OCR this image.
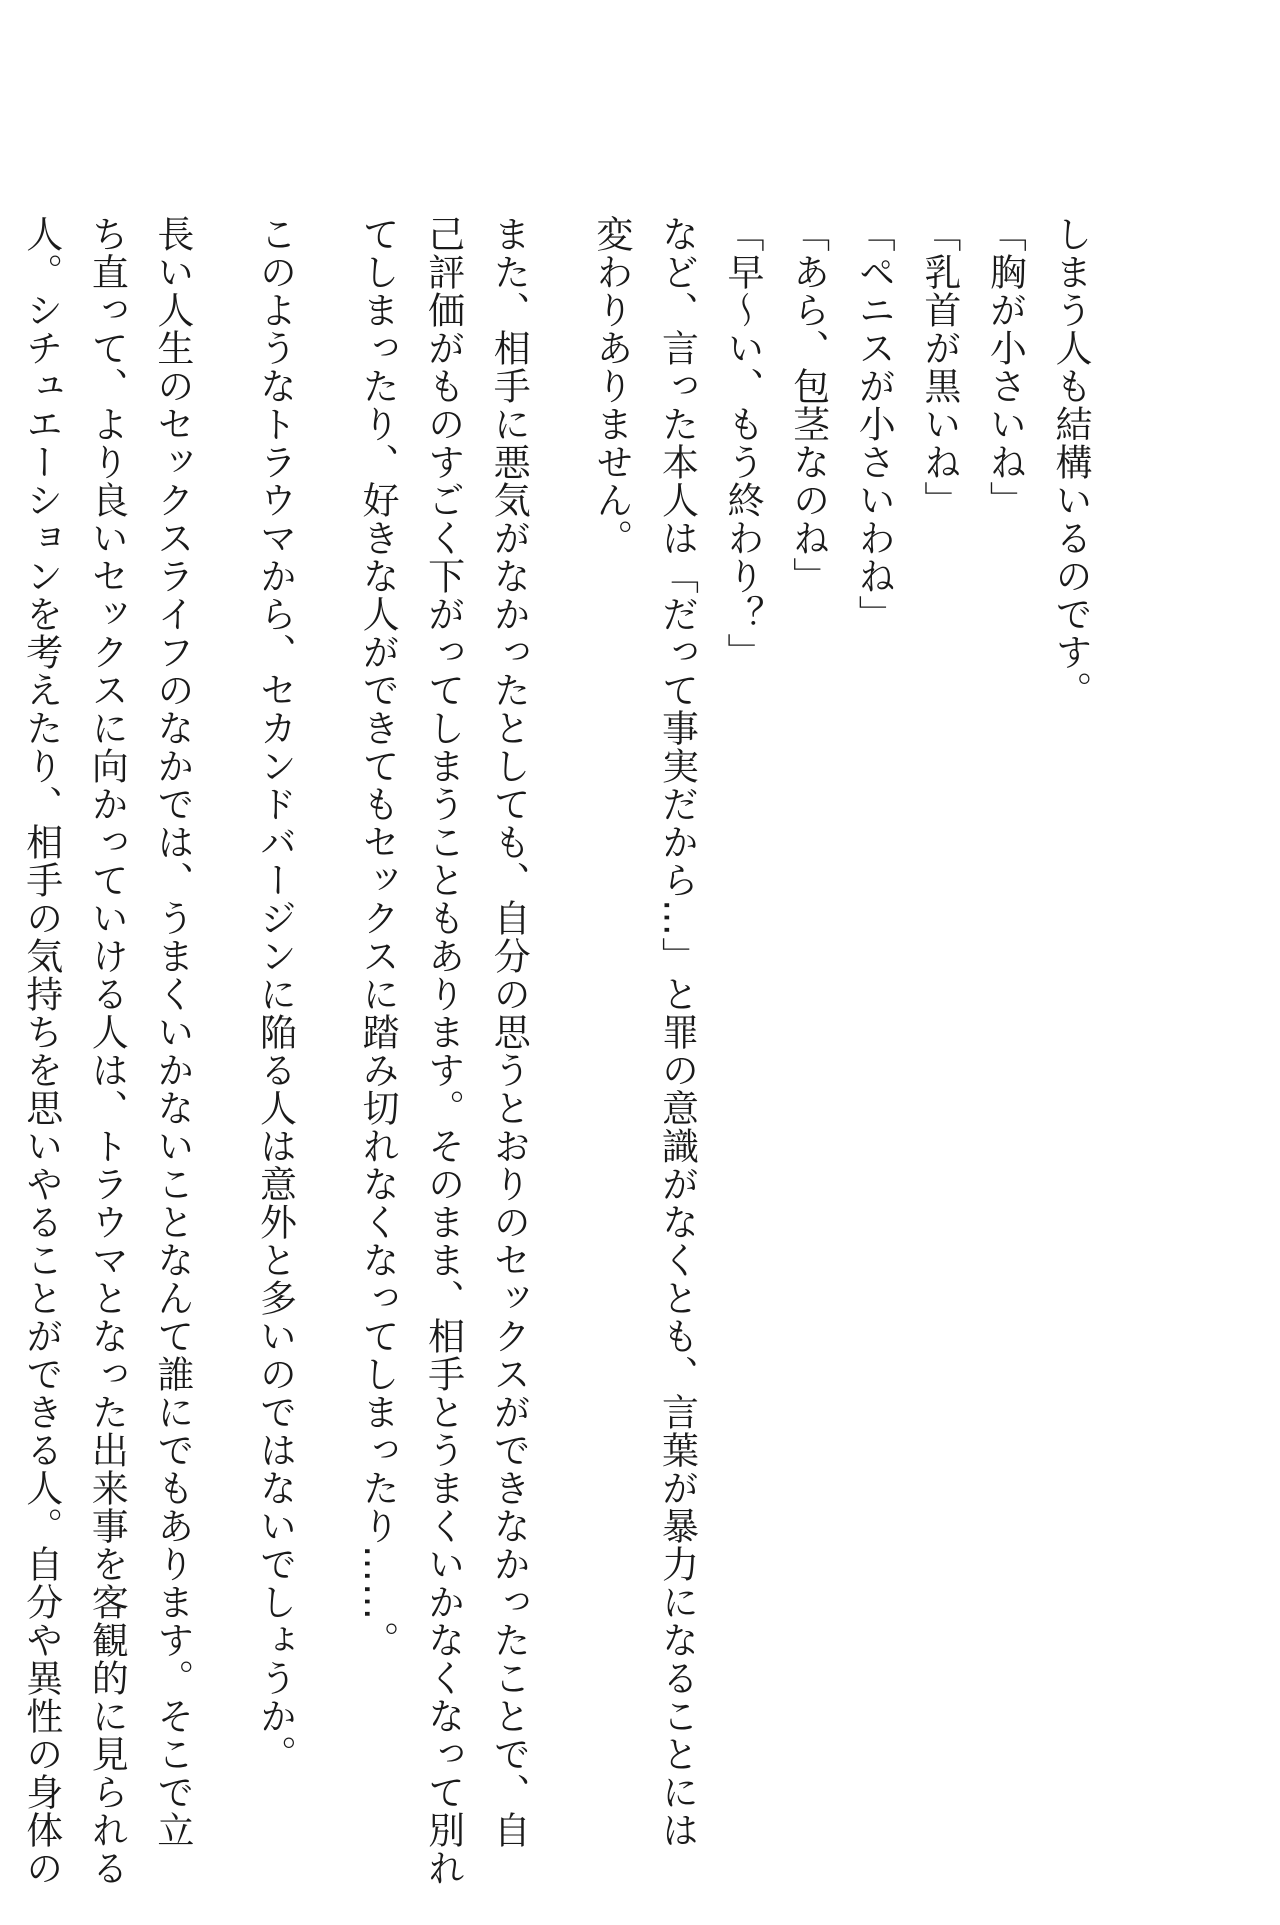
しまう人も結構いるのです。

「胸が小さいね」

「乳首が黒いね」

「ペニスが小さいわね」

「あら、包茎なのね」

「早〜い、もう終わり？」

など、言った本人は「だって事実だから…」と罪の意識がなくとも、言葉が暴力になることには

変わりありません。

また、相手に悪気がなかったとしても、自分の思うとおりのセックスができなかったことで、自

己評価がものすごく下がってしまうこともあります。そのまま、相手とうまくいかなくなって別れ

てしまったり、好きな人ができてもセックスに踏み切れなくなってしまったり……。

このようなトラウマから、セカンドバージンに陥る人は意外と多いのではないでしょうか。

長い人生のセックスライフのなかでは、うまくいかないことなんて誰にでもあります。そこで立

ち直って、より良いセックスに向かっていける人は、トラウマとなった出来事を客観的に見られる

人。シチュエーションを考えたり、相手の気持ちを思いやることができる人。自分や異性の身体の
